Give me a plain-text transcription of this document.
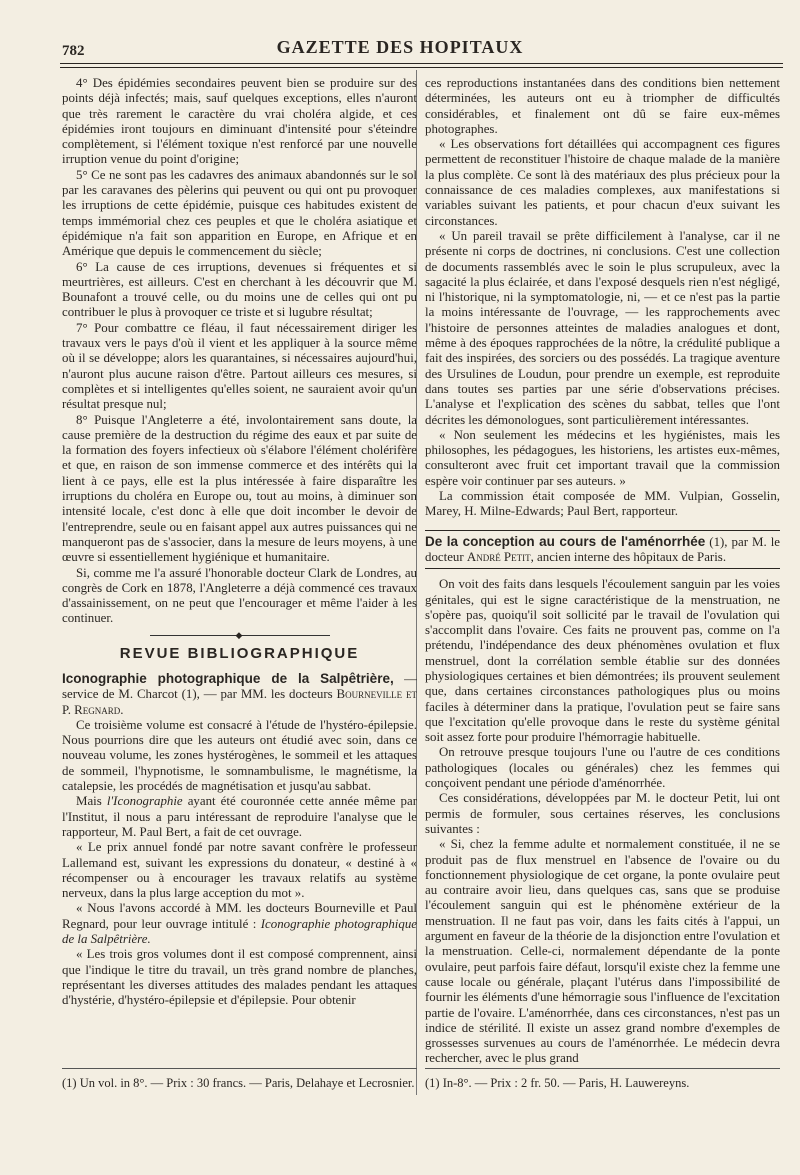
782	GAZETTE DES HOPITAUX

4° Des épidémies secondaires peuvent bien se produire sur des points déjà infectés; mais, sauf quelques exceptions, elles n'auront que très rarement le caractère du vrai choléra algide, et ces épidémies iront toujours en diminuant d'intensité pour s'éteindre complètement, si l'élément toxique n'est renforcé par une nouvelle irruption venue du point d'origine;

5° Ce ne sont pas les cadavres des animaux abandonnés sur le sol par les caravanes des pèlerins qui peuvent ou qui ont pu provoquer les irruptions de cette épidémie, puisque ces habitudes existent de temps immémorial chez ces peuples et que le choléra asiatique et épidémique n'a fait son apparition en Europe, en Afrique et en Amérique que depuis le commencement du siècle;

6° La cause de ces irruptions, devenues si fréquentes et si meurtrières, est ailleurs. C'est en cherchant à les découvrir que M. Bounafont a trouvé celle, ou du moins une de celles qui ont pu contribuer le plus à provoquer ce triste et si lugubre résultat;

7° Pour combattre ce fléau, il faut nécessairement diriger les travaux vers le pays d'où il vient et les appliquer à la source même où il se développe; alors les quarantaines, si nécessaires aujourd'hui, n'auront plus aucune raison d'être. Partout ailleurs ces mesures, si complètes et si intelligentes qu'elles soient, ne sauraient avoir qu'un résultat presque nul;

8° Puisque l'Angleterre a été, involontairement sans doute, la cause première de la destruction du régime des eaux et par suite de la formation des foyers infectieux où s'élabore l'élément cholérifère et que, en raison de son immense commerce et des intérêts qui la lient à ce pays, elle est la plus intéressée à faire disparaître les irruptions du choléra en Europe ou, tout au moins, à diminuer son intensité locale, c'est donc à elle que doit incomber le devoir de l'entreprendre, seule ou en faisant appel aux autres puissances qui ne manqueront pas de s'associer, dans la mesure de leurs moyens, à une œuvre si essentiellement hygiénique et humanitaire.

Si, comme me l'a assuré l'honorable docteur Clark de Londres, au congrès de Cork en 1878, l'Angleterre a déjà commencé ces travaux d'assainissement, on ne peut que l'encourager et même l'aider à les continuer.

◆
REVUE BIBLIOGRAPHIQUE

Iconographie photographique de la Salpêtrière, — service de M. Charcot (1), — par MM. les docteurs Bourneville et P. Regnard.

Ce troisième volume est consacré à l'étude de l'hystéro-épilepsie. Nous pourrions dire que les auteurs ont étudié avec soin, dans ce nouveau volume, les zones hystérogènes, le sommeil et les attaques de sommeil, l'hypnotisme, le somnambulisme, le magnétisme, la catalepsie, les procédés de magnétisation et jusqu'au sabbat.

Mais l'Iconographie ayant été couronnée cette année même par l'Institut, il nous a paru intéressant de reproduire l'analyse que le rapporteur, M. Paul Bert, a fait de cet ouvrage.

« Le prix annuel fondé par notre savant confrère le professeur Lallemand est, suivant les expressions du donateur, « destiné à « récompenser ou à encourager les travaux relatifs au système nerveux, dans la plus large acception du mot ».

« Nous l'avons accordé à MM. les docteurs Bourneville et Paul Regnard, pour leur ouvrage intitulé : Iconographie photographique de la Salpêtrière.

« Les trois gros volumes dont il est composé comprennent, ainsi que l'indique le titre du travail, un très grand nombre de planches, représentant les diverses attitudes des malades pendant les attaques d'hystérie, d'hystéro-épilepsie et d'épilepsie. Pour obtenir

ces reproductions instantanées dans des conditions bien nettement déterminées, les auteurs ont eu à triompher de difficultés considérables, et finalement ont dû se faire eux-mêmes photographes.

« Les observations fort détaillées qui accompagnent ces figures permettent de reconstituer l'histoire de chaque malade de la manière la plus complète. Ce sont là des matériaux des plus précieux pour la connaissance de ces maladies complexes, aux manifestations si variables suivant les patients, et pour chacun d'eux suivant les circonstances.

« Un pareil travail se prête difficilement à l'analyse, car il ne présente ni corps de doctrines, ni conclusions. C'est une collection de documents rassemblés avec le soin le plus scrupuleux, avec la sagacité la plus éclairée, et dans l'exposé desquels rien n'est négligé, ni l'historique, ni la symptomatologie, ni, — et ce n'est pas la partie la moins intéressante de l'ouvrage, — les rapprochements avec l'histoire de personnes atteintes de maladies analogues et dont, même à des époques rapprochées de la nôtre, la crédulité publique a fait des inspirées, des sorciers ou des possédés. La tragique aventure des Ursulines de Loudun, pour prendre un exemple, est reproduite dans toutes ses parties par une série d'observations précises. L'analyse et l'explication des scènes du sabbat, telles que l'ont décrites les démonologues, sont particulièrement intéressantes.

« Non seulement les médecins et les hygiénistes, mais les philosophes, les pédagogues, les historiens, les artistes eux-mêmes, consulteront avec fruit cet important travail que la commission espère voir continuer par ses auteurs. »

La commission était composée de MM. Vulpian, Gosselin, Marey, H. Milne-Edwards; Paul Bert, rapporteur.

De la conception au cours de l'aménorrhée (1), par M. le docteur André Petit, ancien interne des hôpitaux de Paris.

On voit des faits dans lesquels l'écoulement sanguin par les voies génitales, qui est le signe caractéristique de la menstruation, ne s'opère pas, quoiqu'il soit sollicité par le travail de l'ovulation qui s'accomplit dans l'ovaire. Ces faits ne prouvent pas, comme on l'a prétendu, l'indépendance des deux phénomènes ovulation et flux menstruel, dont la corrélation semble établie sur des données physiologiques certaines et bien démontrées; ils prouvent seulement que, dans certaines circonstances pathologiques plus ou moins faciles à déterminer dans la pratique, l'ovulation peut se faire sans que l'excitation qu'elle provoque dans le reste du système génital soit assez forte pour produire l'hémorragie habituelle.

On retrouve presque toujours l'une ou l'autre de ces conditions pathologiques (locales ou générales) chez les femmes qui conçoivent pendant une période d'aménorrhée.

Ces considérations, développées par M. le docteur Petit, lui ont permis de formuler, sous certaines réserves, les conclusions suivantes :

« Si, chez la femme adulte et normalement constituée, il ne se produit pas de flux menstruel en l'absence de l'ovaire ou du fonctionnement physiologique de cet organe, la ponte ovulaire peut au contraire avoir lieu, dans quelques cas, sans que se produise l'écoulement sanguin qui est le phénomène extérieur de la menstruation. Il ne faut pas voir, dans les faits cités à l'appui, un argument en faveur de la théorie de la disjonction entre l'ovulation et la menstruation. Celle-ci, normalement dépendante de la ponte ovulaire, peut parfois faire défaut, lorsqu'il existe chez la femme une cause locale ou générale, plaçant l'utérus dans l'impossibilité de fournir les éléments d'une hémorragie sous l'influence de l'excitation partie de l'ovaire. L'aménorrhée, dans ces circonstances, n'est pas un indice de stérilité. Il existe un assez grand nombre d'exemples de grossesses survenues au cours de l'aménorrhée. Le médecin devra rechercher, avec le plus grand

(1) Un vol. in 8°. — Prix : 30 francs. — Paris, Delahaye et Lecrosnier. (1) In-8°. — Prix : 2 fr. 50. — Paris, H. Lauwereyns.
